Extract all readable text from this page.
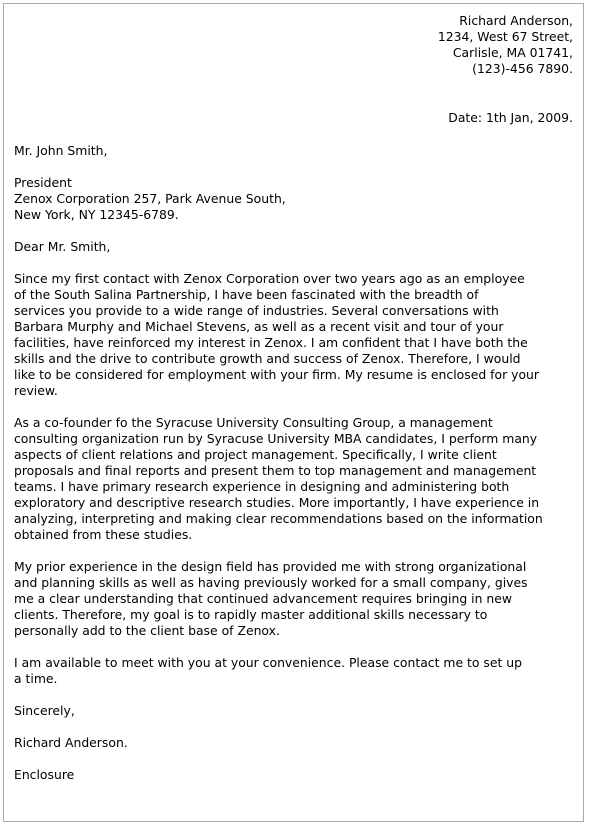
Richard Anderson,
1234, West 67 Street,
Carlisle, MA 01741,
(123)-456 7890.
Date: 1th Jan, 2009.
Mr. John Smith,
President
Zenox Corporation 257, Park Avenue South,
New York, NY 12345-6789.
Dear Mr. Smith,
Since my first contact with Zenox Corporation over two years ago as an employee
of the South Salina Partnership, I have been fascinated with the breadth of
services you provide to a wide range of industries. Several conversations with
Barbara Murphy and Michael Stevens, as well as a recent visit and tour of your
facilities, have reinforced my interest in Zenox. I am confident that I have both the
skills and the drive to contribute growth and success of Zenox. Therefore, I would
like to be considered for employment with your firm. My resume is enclosed for your
review.
As a co-founder fo the Syracuse University Consulting Group, a management
consulting organization run by Syracuse University MBA candidates, I perform many
aspects of client relations and project management. Specifically, I write client
proposals and final reports and present them to top management and management
teams. I have primary research experience in designing and administering both
exploratory and descriptive research studies. More importantly, I have experience in
analyzing, interpreting and making clear recommendations based on the information
obtained from these studies.
My prior experience in the design field has provided me with strong organizational
and planning skills as well as having previously worked for a small company, gives
me a clear understanding that continued advancement requires bringing in new
clients. Therefore, my goal is to rapidly master additional skills necessary to
personally add to the client base of Zenox.
I am available to meet with you at your convenience. Please contact me to set up
a time.
Sincerely,
Richard Anderson.
Enclosure
